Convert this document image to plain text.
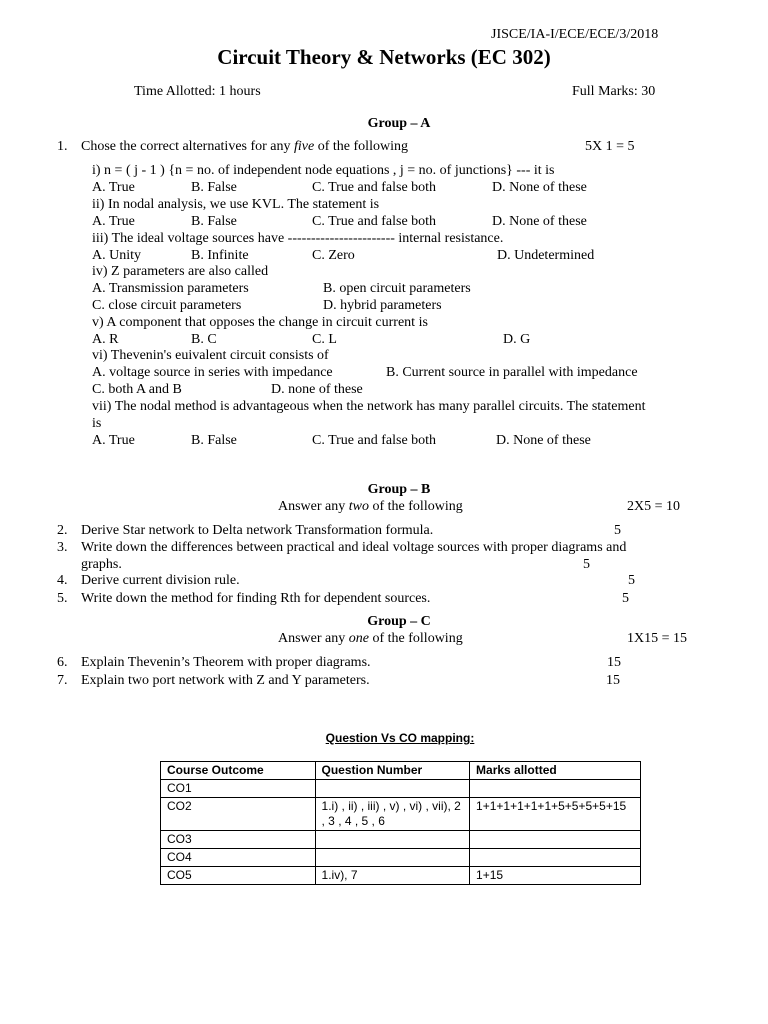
JISCE/IA-I/ECE/ECE/3/2018
Circuit Theory & Networks (EC 302)
Time Allotted: 1 hours	Full Marks: 30
Group – A
1. Chose the correct alternatives for any five of the following	5X 1 = 5
i) n = ( j - 1 ) {n = no. of independent node equations , j = no. of junctions} --- it is
A. True	B. False	C. True and false both	D. None of these
ii) In nodal analysis, we use KVL. The statement is
A. True	B. False	C. True and false both	D. None of these
iii) The ideal voltage sources have ----------------------- internal resistance.
A. Unity	B. Infinite	C. Zero	D. Undetermined
iv) Z parameters are also called
A. Transmission parameters	B. open circuit parameters
C. close circuit parameters	D. hybrid parameters
v) A component that opposes the change in circuit current is
A. R	B. C	C. L	D. G
vi) Thevenin's euivalent circuit consists of
A. voltage source in series with impedance	B. Current source in parallel with impedance
C. both A and B	D. none of these
vii) The nodal method is advantageous when the network has many parallel circuits. The statement
is
A. True	B. False	C. True and false both	D. None of these
Group – B
Answer any two of the following	2X5 = 10
2. Derive Star network to Delta network Transformation formula.	5
3. Write down the differences between practical and ideal voltage sources with proper diagrams and
graphs.	5
4. Derive current division rule.	5
5. Write down the method for finding Rth for dependent sources.	5
Group – C
Answer any one of the following	1X15 = 15
6. Explain Thevenin’s Theorem with proper diagrams.	15
7. Explain two port network with Z and Y parameters.	15
Question Vs CO mapping:
Course Outcome	Question Number	Marks allotted
CO1		
CO2	1.i) , ii) , iii) , v) , vi) , vii), 2 , 3 , 4 , 5 , 6	1+1+1+1+1+1+5+5+5+5+15
CO3		
CO4		
CO5	1.iv), 7	1+15
